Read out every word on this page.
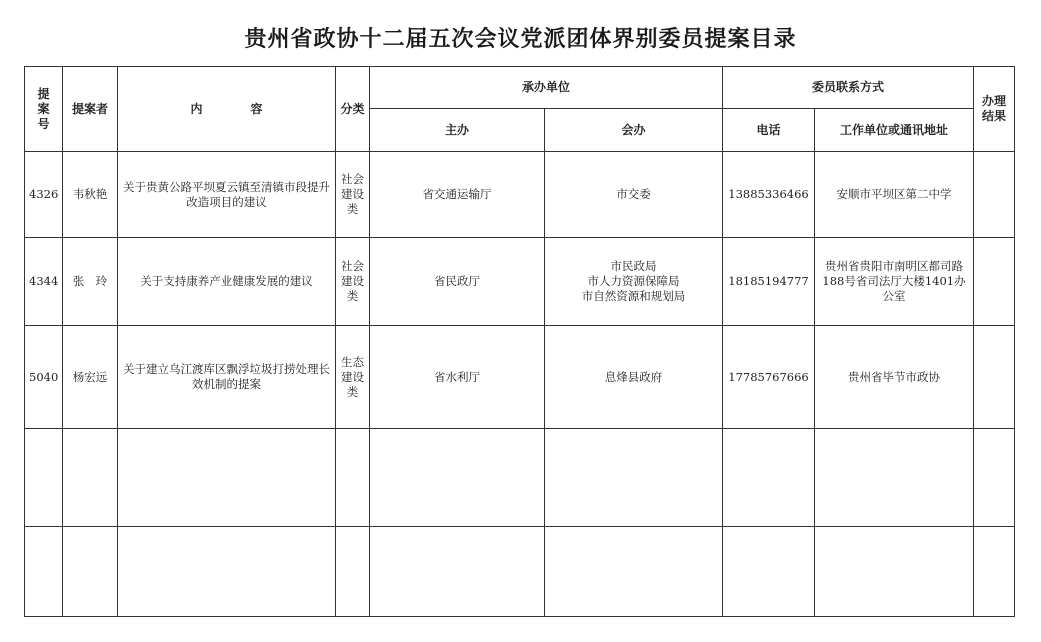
贵州省政协十二届五次会议党派团体界别委员提案目录
提
案
号	提案者	内　　　　容	分类	承办单位		委员联系方式		办理结果
				主办	会办	电话	工作单位或通讯地址	
4326	韦秋艳	关于贵黄公路平坝夏云镇至清镇市段提升改造项目的建议	社会
建设
类	省交通运输厅	市交委	13885336466	安顺市平坝区第二中学	
4344	张　玲	关于支持康养产业健康发展的建议	社会
建设
类	省民政厅	市民政局
市人力资源保障局
市自然资源和规划局	18185194777	贵州省贵阳市南明区都司路188号省司法厅大楼1401办公室	
5040	杨宏远	关于建立乌江渡库区飘浮垃圾打捞处理长效机制的提案	生态
建设
类	省水利厅	息烽县政府	17785767666	贵州省毕节市政协	
